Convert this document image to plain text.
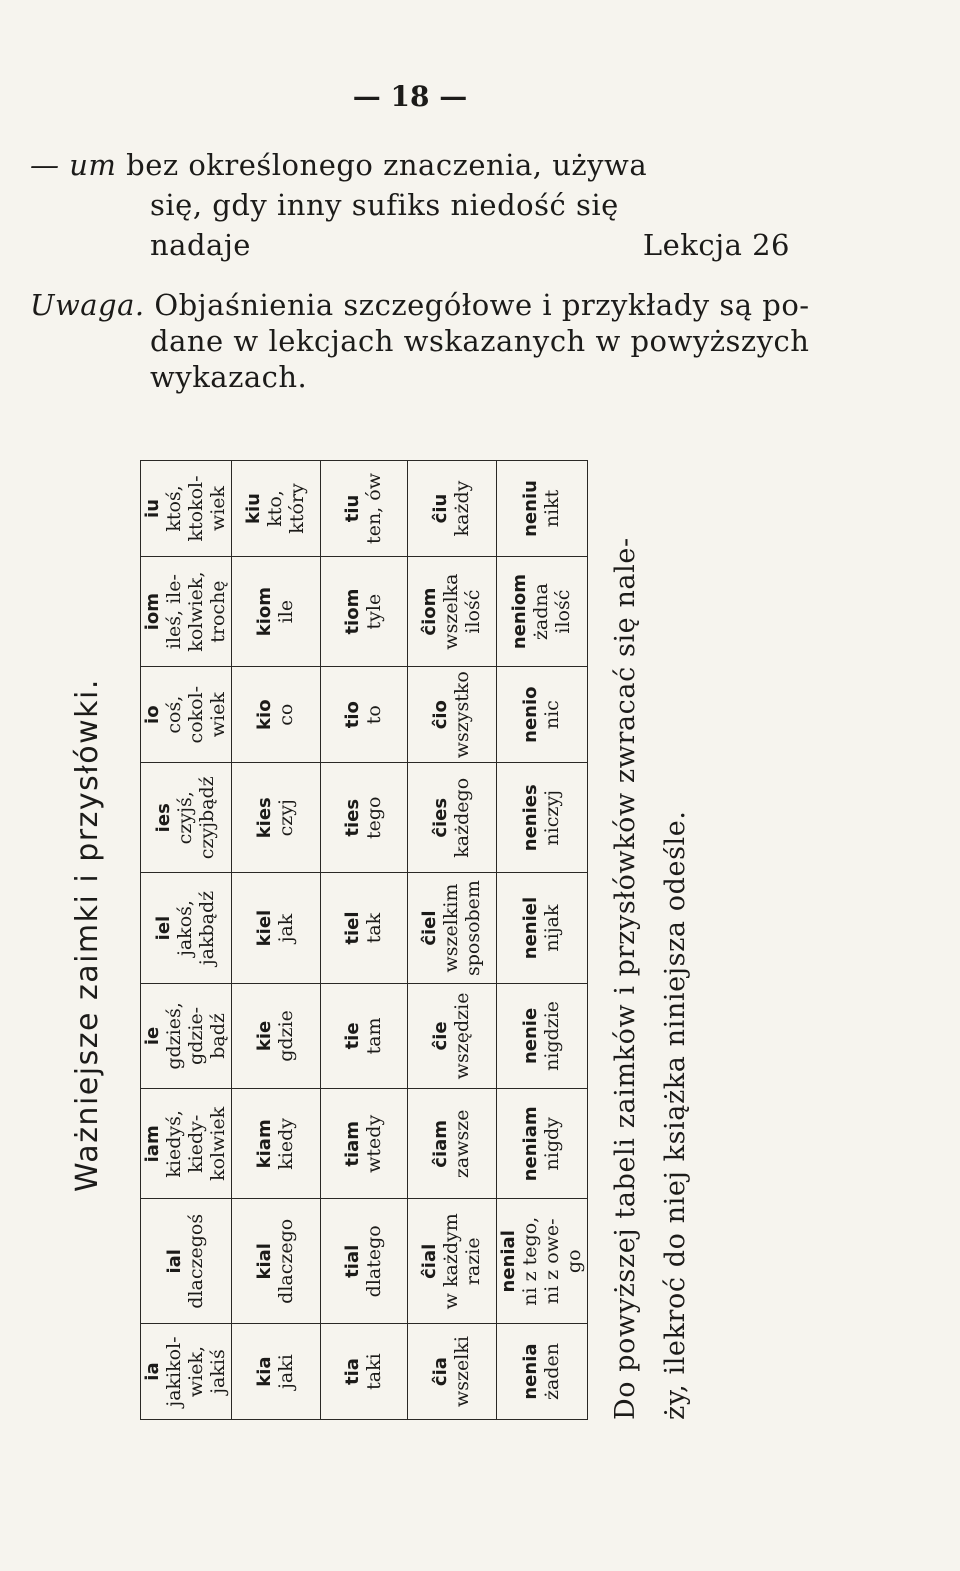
— 18 —
— um bez określonego znaczenia, używa
się, gdy inny sufiks niedość się
nadaje	Lekcja 26
Uwaga. Objaśnienia szczegółowe i przykłady są po-
dane w lekcjach wskazanych w powyższych
wykazach.
Ważniejsze zaimki i przysłówki.
ia jakikol- wiek, jakiś	ial dlaczegoś	iam kiedyś, kiedy- kolwiek	ie gdzieś, gdzie- bądź	iel jakoś, jakbądź	ies czyjś, czyjbądź	io coś, cokol- wiek	iom ileś, ile- kolwiek, trochę	iu ktoś, ktokol- wiek

kia jaki	kial dlaczego	kiam kiedy	kie gdzie	kiel jak	kies czyj	kio co	kiom ile	kiu kto, który

tia taki	tial dlatego	tiam wtedy	tie tam	tiel tak	ties tego	tio to	tiom tyle	tiu ten, ów

ĉia wszelki	ĉial w każdym razie	ĉiam zawsze	ĉie wszędzie	ĉiel wszelkim sposobem	ĉies każdego	ĉio wszystko	ĉiom wszelka ilość	ĉiu każdy

nenia żaden	nenial ni z tego, ni z owe- go	neniam nigdy	nenie nigdzie	neniel nijak	nenies niczyj	nenio nic	neniom żadna ilość	neniu nikt
Do powyższej tabeli zaimków i przysłówków zwracać się nale- ży, ilekroć do niej książka niniejsza odeśle.
